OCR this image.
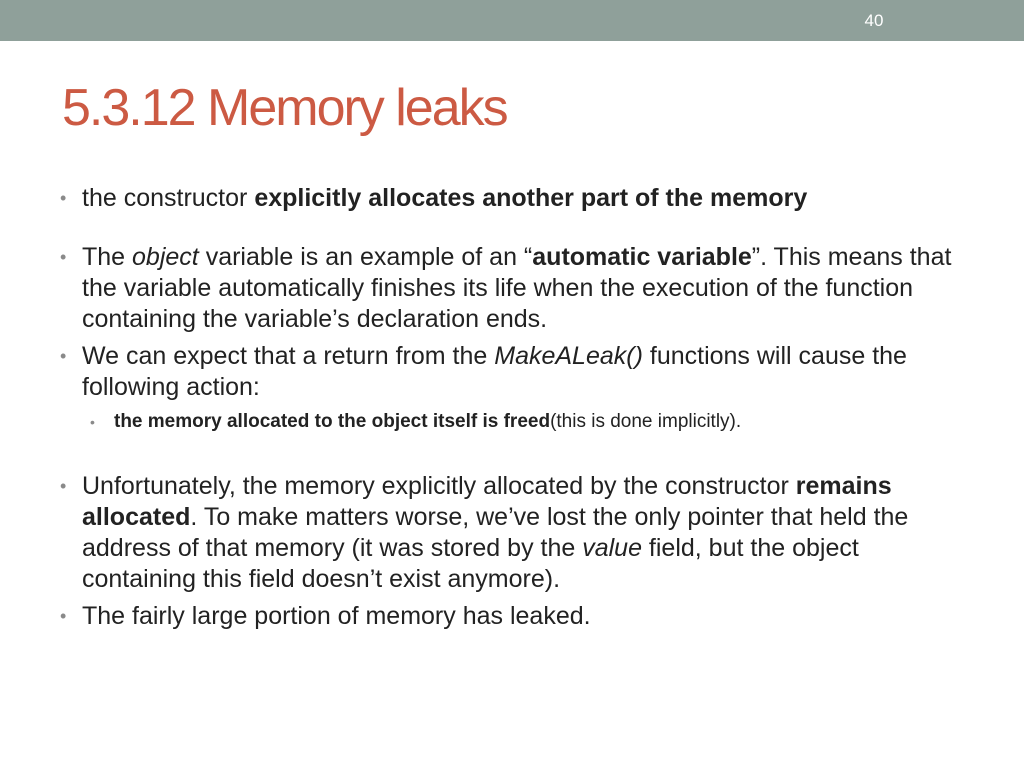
40
5.3.12 Memory leaks
• the constructor explicitly allocates another part of the memory
• The object variable is an example of an “automatic variable”. This means that the variable automatically finishes its life when the execution of the function containing the variable’s declaration ends.
• We can expect that a return from the MakeALeak() functions will cause the following action:
• the memory allocated to the object itself is freed(this is done implicitly).
• Unfortunately, the memory explicitly allocated by the constructor remains allocated. To make matters worse, we’ve lost the only pointer that held the address of that memory (it was stored by the value field, but the object containing this field doesn’t exist anymore).
• The fairly large portion of memory has leaked.
